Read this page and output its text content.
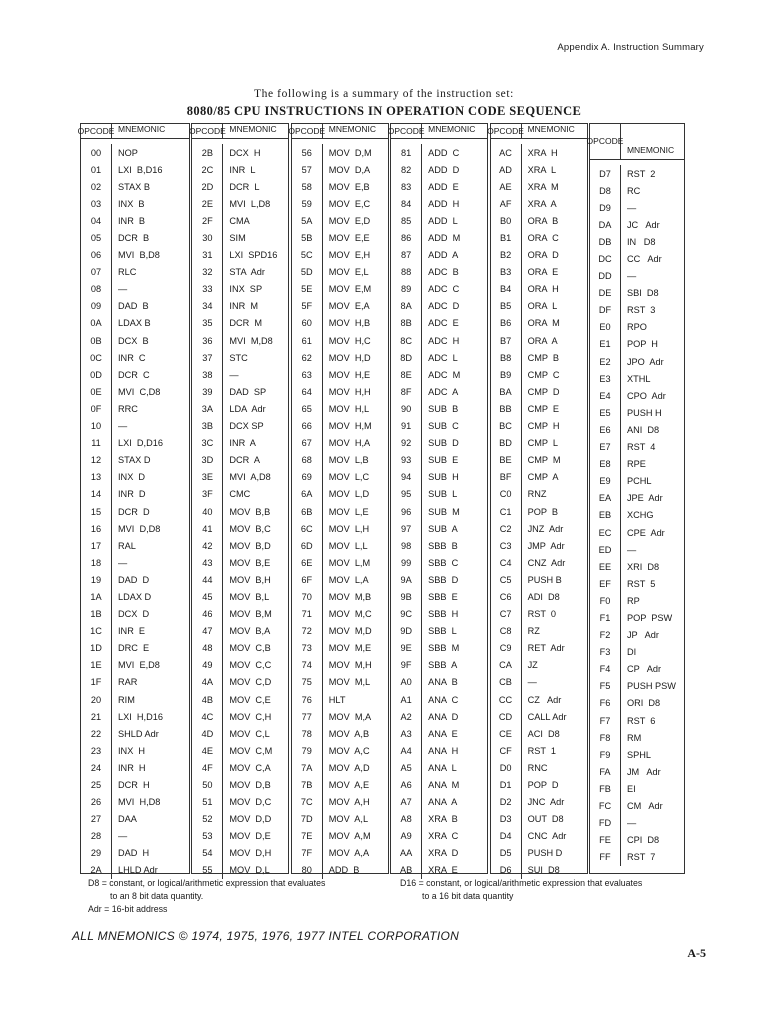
Appendix A. Instruction Summary
The following is a summary of the instruction set:
8080/85 CPU INSTRUCTIONS IN OPERATION CODE SEQUENCE
OP CODE MNEMONIC
00	NOP
01	LXI  B,D16
02	STAX B
03	INX  B
04	INR  B
05	DCR  B
06	MVI  B,D8
07	RLC
08	—
09	DAD  B
0A	LDAX B
0B	DCX  B
0C	INR  C
0D	DCR  C
0E	MVI  C,D8
0F	RRC
10	—
11	LXI  D,D16
12	STAX D
13	INX  D
14	INR  D
15	DCR  D
16	MVI  D,D8
17	RAL
18	—
19	DAD  D
1A	LDAX D
1B	DCX  D
1C	INR  E
1D	DRC  E
1E	MVI  E,D8
1F	RAR
20	RIM
21	LXI  H,D16
22	SHLD Adr
23	INX  H
24	INR  H
25	DCR  H
26	MVI  H,D8
27	DAA
28	—
29	DAD  H
2A	LHLD Adr
OP CODE MNEMONIC
2B	DCX  H
2C	INR  L
2D	DCR  L
2E	MVI  L,D8
2F	CMA
30	SIM
31	LXI  SPD16
32	STA  Adr
33	INX  SP
34	INR  M
35	DCR  M
36	MVI  M,D8
37	STC
38	—
39	DAD  SP
3A	LDA  Adr
3B	DCX SP
3C	INR  A
3D	DCR  A
3E	MVI  A,D8
3F	CMC
40	MOV  B,B
41	MOV  B,C
42	MOV  B,D
43	MOV  B,E
44	MOV  B,H
45	MOV  B,L
46	MOV  B,M
47	MOV  B,A
48	MOV  C,B
49	MOV  C,C
4A	MOV  C,D
4B	MOV  C,E
4C	MOV  C,H
4D	MOV  C,L
4E	MOV  C,M
4F	MOV  C,A
50	MOV  D,B
51	MOV  D,C
52	MOV  D,D
53	MOV  D,E
54	MOV  D,H
55	MOV  D,L
OP CODE MNEMONIC
56	MOV  D,M
57	MOV  D,A
58	MOV  E,B
59	MOV  E,C
5A	MOV  E,D
5B	MOV  E,E
5C	MOV  E,H
5D	MOV  E,L
5E	MOV  E,M
5F	MOV  E,A
60	MOV  H,B
61	MOV  H,C
62	MOV  H,D
63	MOV  H,E
64	MOV  H,H
65	MOV  H,L
66	MOV  H,M
67	MOV  H,A
68	MOV  L,B
69	MOV  L,C
6A	MOV  L,D
6B	MOV  L,E
6C	MOV  L,H
6D	MOV  L,L
6E	MOV  L,M
6F	MOV  L,A
70	MOV  M,B
71	MOV  M,C
72	MOV  M,D
73	MOV  M,E
74	MOV  M,H
75	MOV  M,L
76	HLT
77	MOV  M,A
78	MOV  A,B
79	MOV  A,C
7A	MOV  A,D
7B	MOV  A,E
7C	MOV  A,H
7D	MOV  A,L
7E	MOV  A,M
7F	MOV  A,A
80	ADD  B
OP CODE MNEMONIC
81	ADD  C
82	ADD  D
83	ADD  E
84	ADD  H
85	ADD  L
86	ADD  M
87	ADD  A
88	ADC  B
89	ADC  C
8A	ADC  D
8B	ADC  E
8C	ADC  H
8D	ADC  L
8E	ADC  M
8F	ADC  A
90	SUB  B
91	SUB  C
92	SUB  D
93	SUB  E
94	SUB  H
95	SUB  L
96	SUB  M
97	SUB  A
98	SBB  B
99	SBB  C
9A	SBB  D
9B	SBB  E
9C	SBB  H
9D	SBB  L
9E	SBB  M
9F	SBB  A
A0	ANA  B
A1	ANA  C
A2	ANA  D
A3	ANA  E
A4	ANA  H
A5	ANA  L
A6	ANA  M
A7	ANA  A
A8	XRA  B
A9	XRA  C
AA	XRA  D
AB	XRA  E
OP CODE MNEMONIC
AC	XRA  H
AD	XRA  L
AE	XRA  M
AF	XRA  A
B0	ORA  B
B1	ORA  C
B2	ORA  D
B3	ORA  E
B4	ORA  H
B5	ORA  L
B6	ORA  M
B7	ORA  A
B8	CMP  B
B9	CMP  C
BA	CMP  D
BB	CMP  E
BC	CMP  H
BD	CMP  L
BE	CMP  M
BF	CMP  A
C0	RNZ
C1	POP  B
C2	JNZ  Adr
C3	JMP  Adr
C4	CNZ  Adr
C5	PUSH B
C6	ADI  D8
C7	RST  0
C8	RZ
C9	RET  Adr
CA	JZ
CB	—
CC	CZ   Adr
CD	CALL Adr
CE	ACI  D8
CF	RST  1
D0	RNC
D1	POP  D
D2	JNC  Adr
D3	OUT  D8
D4	CNC  Adr
D5	PUSH D
D6	SUI  D8
OP CODE
MNEMONIC
D7	RST  2
D8	RC
D9	—
DA	JC   Adr
DB	IN   D8
DC	CC   Adr
DD	—
DE	SBI  D8
DF	RST  3
E0	RPO
E1	POP  H
E2	JPO  Adr
E3	XTHL
E4	CPO  Adr
E5	PUSH H
E6	ANI  D8
E7	RST  4
E8	RPE
E9	PCHL
EA	JPE  Adr
EB	XCHG
EC	CPE  Adr
ED	—
EE	XRI  D8
EF	RST  5
F0	RP
F1	POP  PSW
F2	JP   Adr
F3	DI
F4	CP   Adr
F5	PUSH PSW
F6	ORI  D8
F7	RST  6
F8	RM
F9	SPHL
FA	JM   Adr
FB	EI
FC	CM   Adr
FD	—
FE	CPI  D8
FF	RST  7
D8 = constant, or logical/arithmetic expression that evaluates
to an 8 bit data quantity.
Adr = 16-bit address
D16 = constant, or logical/arithmetic expression that evaluates
to a 16 bit data quantity
ALL MNEMONICS © 1974, 1975, 1976, 1977 INTEL CORPORATION
A-5
